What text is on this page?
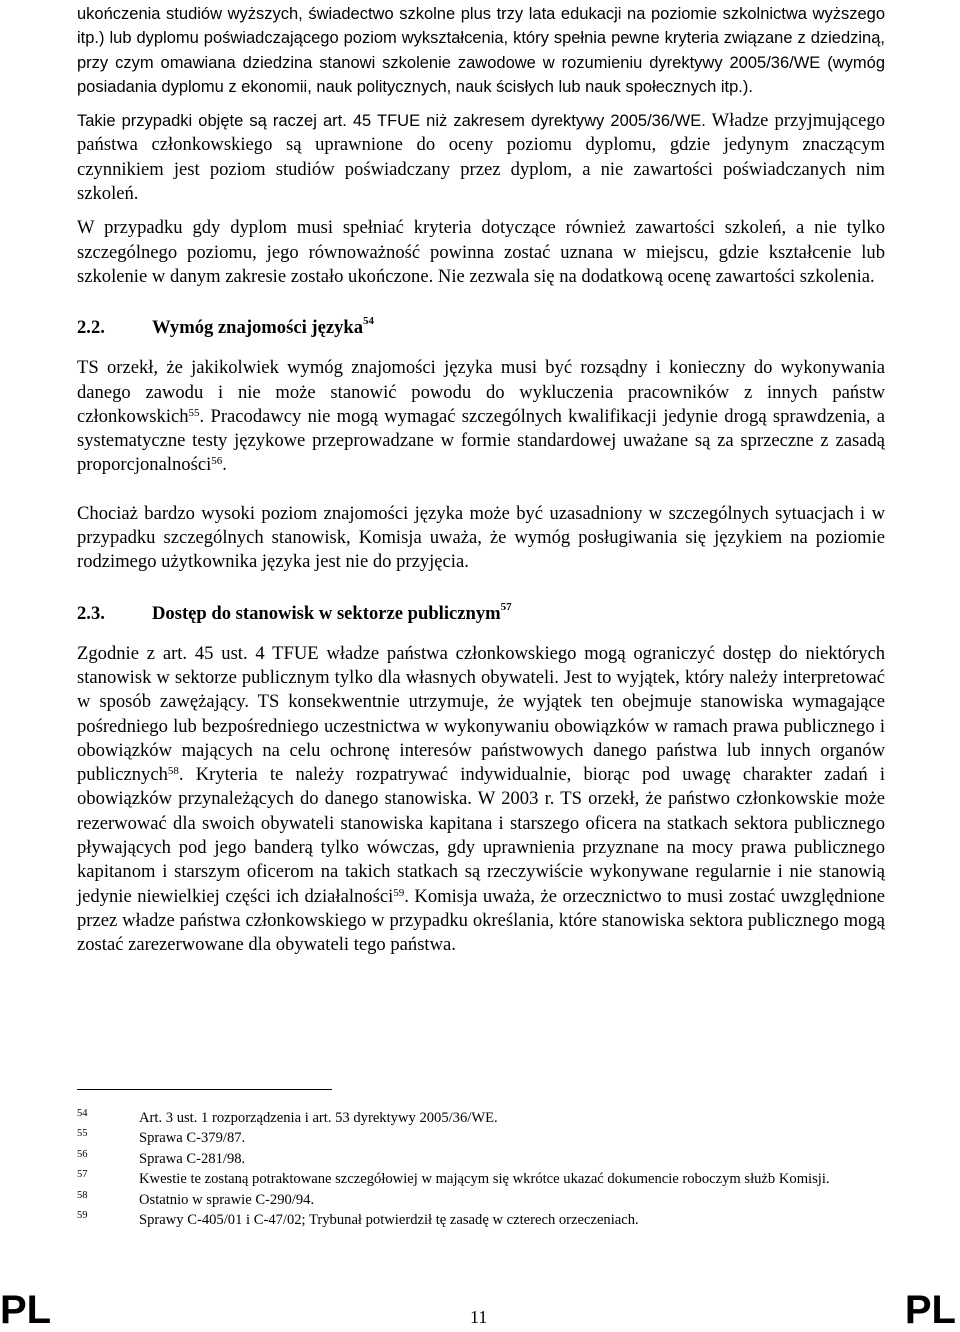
ukończenia studiów wyższych, świadectwo szkolne plus trzy lata edukacji na poziomie szkolnictwa wyższego itp.) lub dyplomu poświadczającego poziom wykształcenia, który spełnia pewne kryteria związane z dziedziną, przy czym omawiana dziedzina stanowi szkolenie zawodowe w rozumieniu dyrektywy 2005/36/WE (wymóg posiadania dyplomu z ekonomii, nauk politycznych, nauk ścisłych lub nauk społecznych itp.).

Takie przypadki objęte są raczej art. 45 TFUE niż zakresem dyrektywy 2005/36/WE. Władze przyjmującego państwa członkowskiego są uprawnione do oceny poziomu dyplomu, gdzie jedynym znaczącym czynnikiem jest poziom studiów poświadczany przez dyplom, a nie zawartości poświadczanych nim szkoleń.

W przypadku gdy dyplom musi spełniać kryteria dotyczące również zawartości szkoleń, a nie tylko szczególnego poziomu, jego równoważność powinna zostać uznana w miejscu, gdzie kształcenie lub szkolenie w danym zakresie zostało ukończone. Nie zezwala się na dodatkową ocenę zawartości szkolenia.

2.2.	Wymóg znajomości języka$^{54}$

TS orzekł, że jakikolwiek wymóg znajomości języka musi być rozsądny i konieczny do wykonywania danego zawodu i nie może stanowić powodu do wykluczenia pracowników z innych państw członkowskich$^{55}$. Pracodawcy nie mogą wymagać szczególnych kwalifikacji jedynie drogą sprawdzenia, a systematyczne testy językowe przeprowadzane w formie standardowej uważane są za sprzeczne z zasadą proporcjonalności$^{56}$.

Chociaż bardzo wysoki poziom znajomości języka może być uzasadniony w szczególnych sytuacjach i w przypadku szczególnych stanowisk, Komisja uważa, że wymóg posługiwania się językiem na poziomie rodzimego użytkownika języka jest nie do przyjęcia.

2.3.	Dostęp do stanowisk w sektorze publicznym$^{57}$

Zgodnie z art. 45 ust. 4 TFUE władze państwa członkowskiego mogą ograniczyć dostęp do niektórych stanowisk w sektorze publicznym tylko dla własnych obywateli. Jest to wyjątek, który należy interpretować w sposób zawężający. TS konsekwentnie utrzymuje, że wyjątek ten obejmuje stanowiska wymagające pośredniego lub bezpośredniego uczestnictwa w wykonywaniu obowiązków w ramach prawa publicznego i obowiązków mających na celu ochronę interesów państwowych danego państwa lub innych organów publicznych$^{58}$. Kryteria te należy rozpatrywać indywidualnie, biorąc pod uwagę charakter zadań i obowiązków przynależących do danego stanowiska. W 2003 r. TS orzekł, że państwo członkowskie może rezerwować dla swoich obywateli stanowiska kapitana i starszego oficera na statkach sektora publicznego pływających pod jego banderą tylko wówczas, gdy uprawnienia przyznane na mocy prawa publicznego kapitanom i starszym oficerom na takich statkach są rzeczywiście wykonywane regularnie i nie stanowią jedynie niewielkiej części ich działalności$^{59}$. Komisja uważa, że orzecznictwo to musi zostać uwzględnione przez władze państwa członkowskiego w przypadku określania, które stanowiska sektora publicznego mogą zostać zarezerwowane dla obywateli tego państwa.

54	Art. 3 ust. 1 rozporządzenia i art. 53 dyrektywy 2005/36/WE.
55	Sprawa C-379/87.
56	Sprawa C-281/98.
57	Kwestie te zostaną potraktowane szczegółowiej w mającym się wkrótce ukazać dokumencie roboczym służb Komisji.
58	Ostatnio w sprawie C-290/94.
59	Sprawy C-405/01 i C-47/02; Trybunał potwierdził tę zasadę w czterech orzeczeniach.
PL	11	PL
